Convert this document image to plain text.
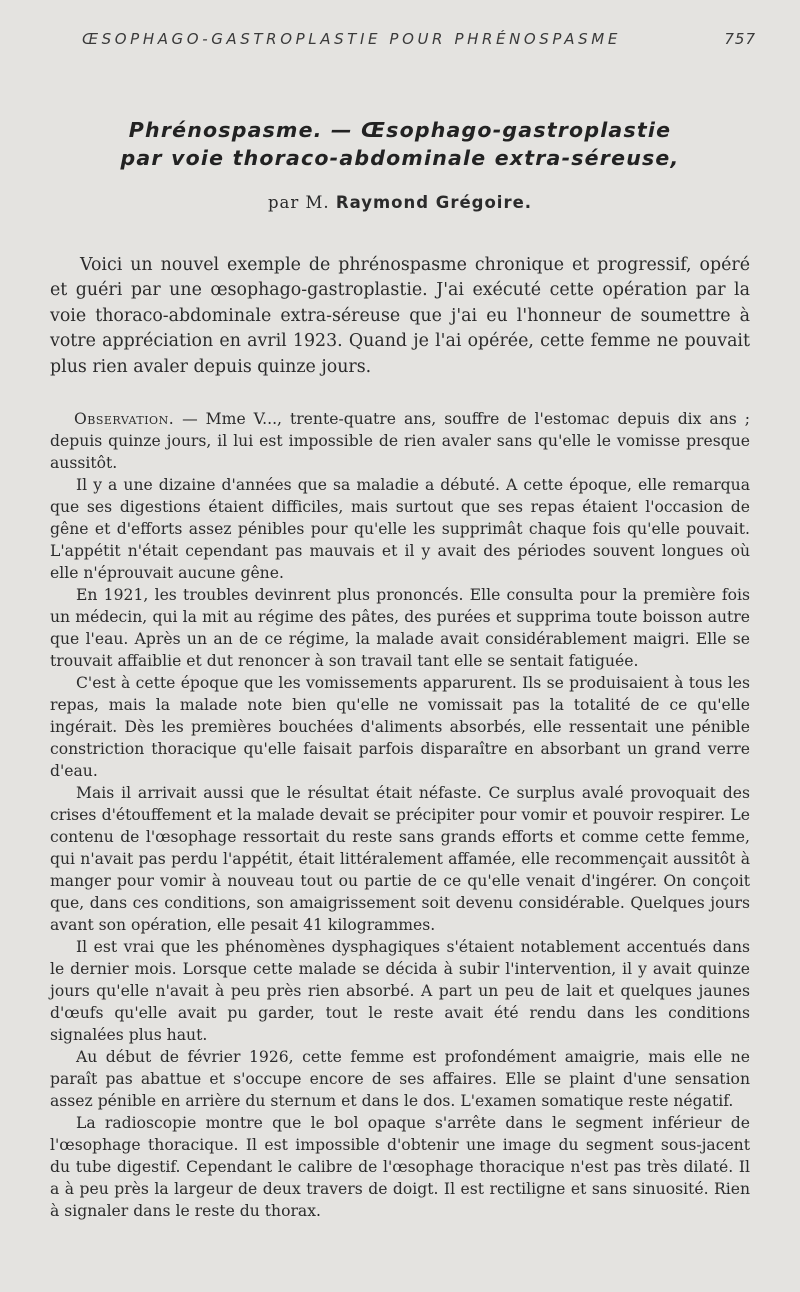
ŒSOPHAGO-GASTROPLASTIE POUR PHRÉNOSPASME	757
Phrénospasme. — Œsophago-gastroplastie
par voie thoraco-abdominale extra-séreuse,
par M. Raymond Grégoire.

Voici un nouvel exemple de phrénospasme chronique et progressif, opéré et guéri par une œsophago-gastroplastie. J'ai exécuté cette opération par la voie thoraco-abdominale extra-séreuse que j'ai eu l'honneur de soumettre à votre appréciation en avril 1923. Quand je l'ai opérée, cette femme ne pouvait plus rien avaler depuis quinze jours.

Observation. — Mme V..., trente-quatre ans, souffre de l'estomac depuis dix ans ; depuis quinze jours, il lui est impossible de rien avaler sans qu'elle le vomisse presque aussitôt.

Il y a une dizaine d'années que sa maladie a débuté. A cette époque, elle remarqua que ses digestions étaient difficiles, mais surtout que ses repas étaient l'occasion de gêne et d'efforts assez pénibles pour qu'elle les supprimât chaque fois qu'elle pouvait. L'appétit n'était cependant pas mauvais et il y avait des périodes souvent longues où elle n'éprouvait aucune gêne.

En 1921, les troubles devinrent plus prononcés. Elle consulta pour la première fois un médecin, qui la mit au régime des pâtes, des purées et supprima toute boisson autre que l'eau. Après un an de ce régime, la malade avait considérablement maigri. Elle se trouvait affaiblie et dut renoncer à son travail tant elle se sentait fatiguée.

C'est à cette époque que les vomissements apparurent. Ils se produisaient à tous les repas, mais la malade note bien qu'elle ne vomissait pas la totalité de ce qu'elle ingérait. Dès les premières bouchées d'aliments absorbés, elle ressentait une pénible constriction thoracique qu'elle faisait parfois disparaître en absorbant un grand verre d'eau.

Mais il arrivait aussi que le résultat était néfaste. Ce surplus avalé provoquait des crises d'étouffement et la malade devait se précipiter pour vomir et pouvoir respirer. Le contenu de l'œsophage ressortait du reste sans grands efforts et comme cette femme, qui n'avait pas perdu l'appétit, était littéralement affamée, elle recommençait aussitôt à manger pour vomir à nouveau tout ou partie de ce qu'elle venait d'ingérer. On conçoit que, dans ces conditions, son amaigrissement soit devenu considérable. Quelques jours avant son opération, elle pesait 41 kilogrammes.

Il est vrai que les phénomènes dysphagiques s'étaient notablement accentués dans le dernier mois. Lorsque cette malade se décida à subir l'intervention, il y avait quinze jours qu'elle n'avait à peu près rien absorbé. A part un peu de lait et quelques jaunes d'œufs qu'elle avait pu garder, tout le reste avait été rendu dans les conditions signalées plus haut.

Au début de février 1926, cette femme est profondément amaigrie, mais elle ne paraît pas abattue et s'occupe encore de ses affaires. Elle se plaint d'une sensation assez pénible en arrière du sternum et dans le dos. L'examen somatique reste négatif.

La radioscopie montre que le bol opaque s'arrête dans le segment inférieur de l'œsophage thoracique. Il est impossible d'obtenir une image du segment sous-jacent du tube digestif. Cependant le calibre de l'œsophage thoracique n'est pas très dilaté. Il a à peu près la largeur de deux travers de doigt. Il est rectiligne et sans sinuosité. Rien à signaler dans le reste du thorax.
